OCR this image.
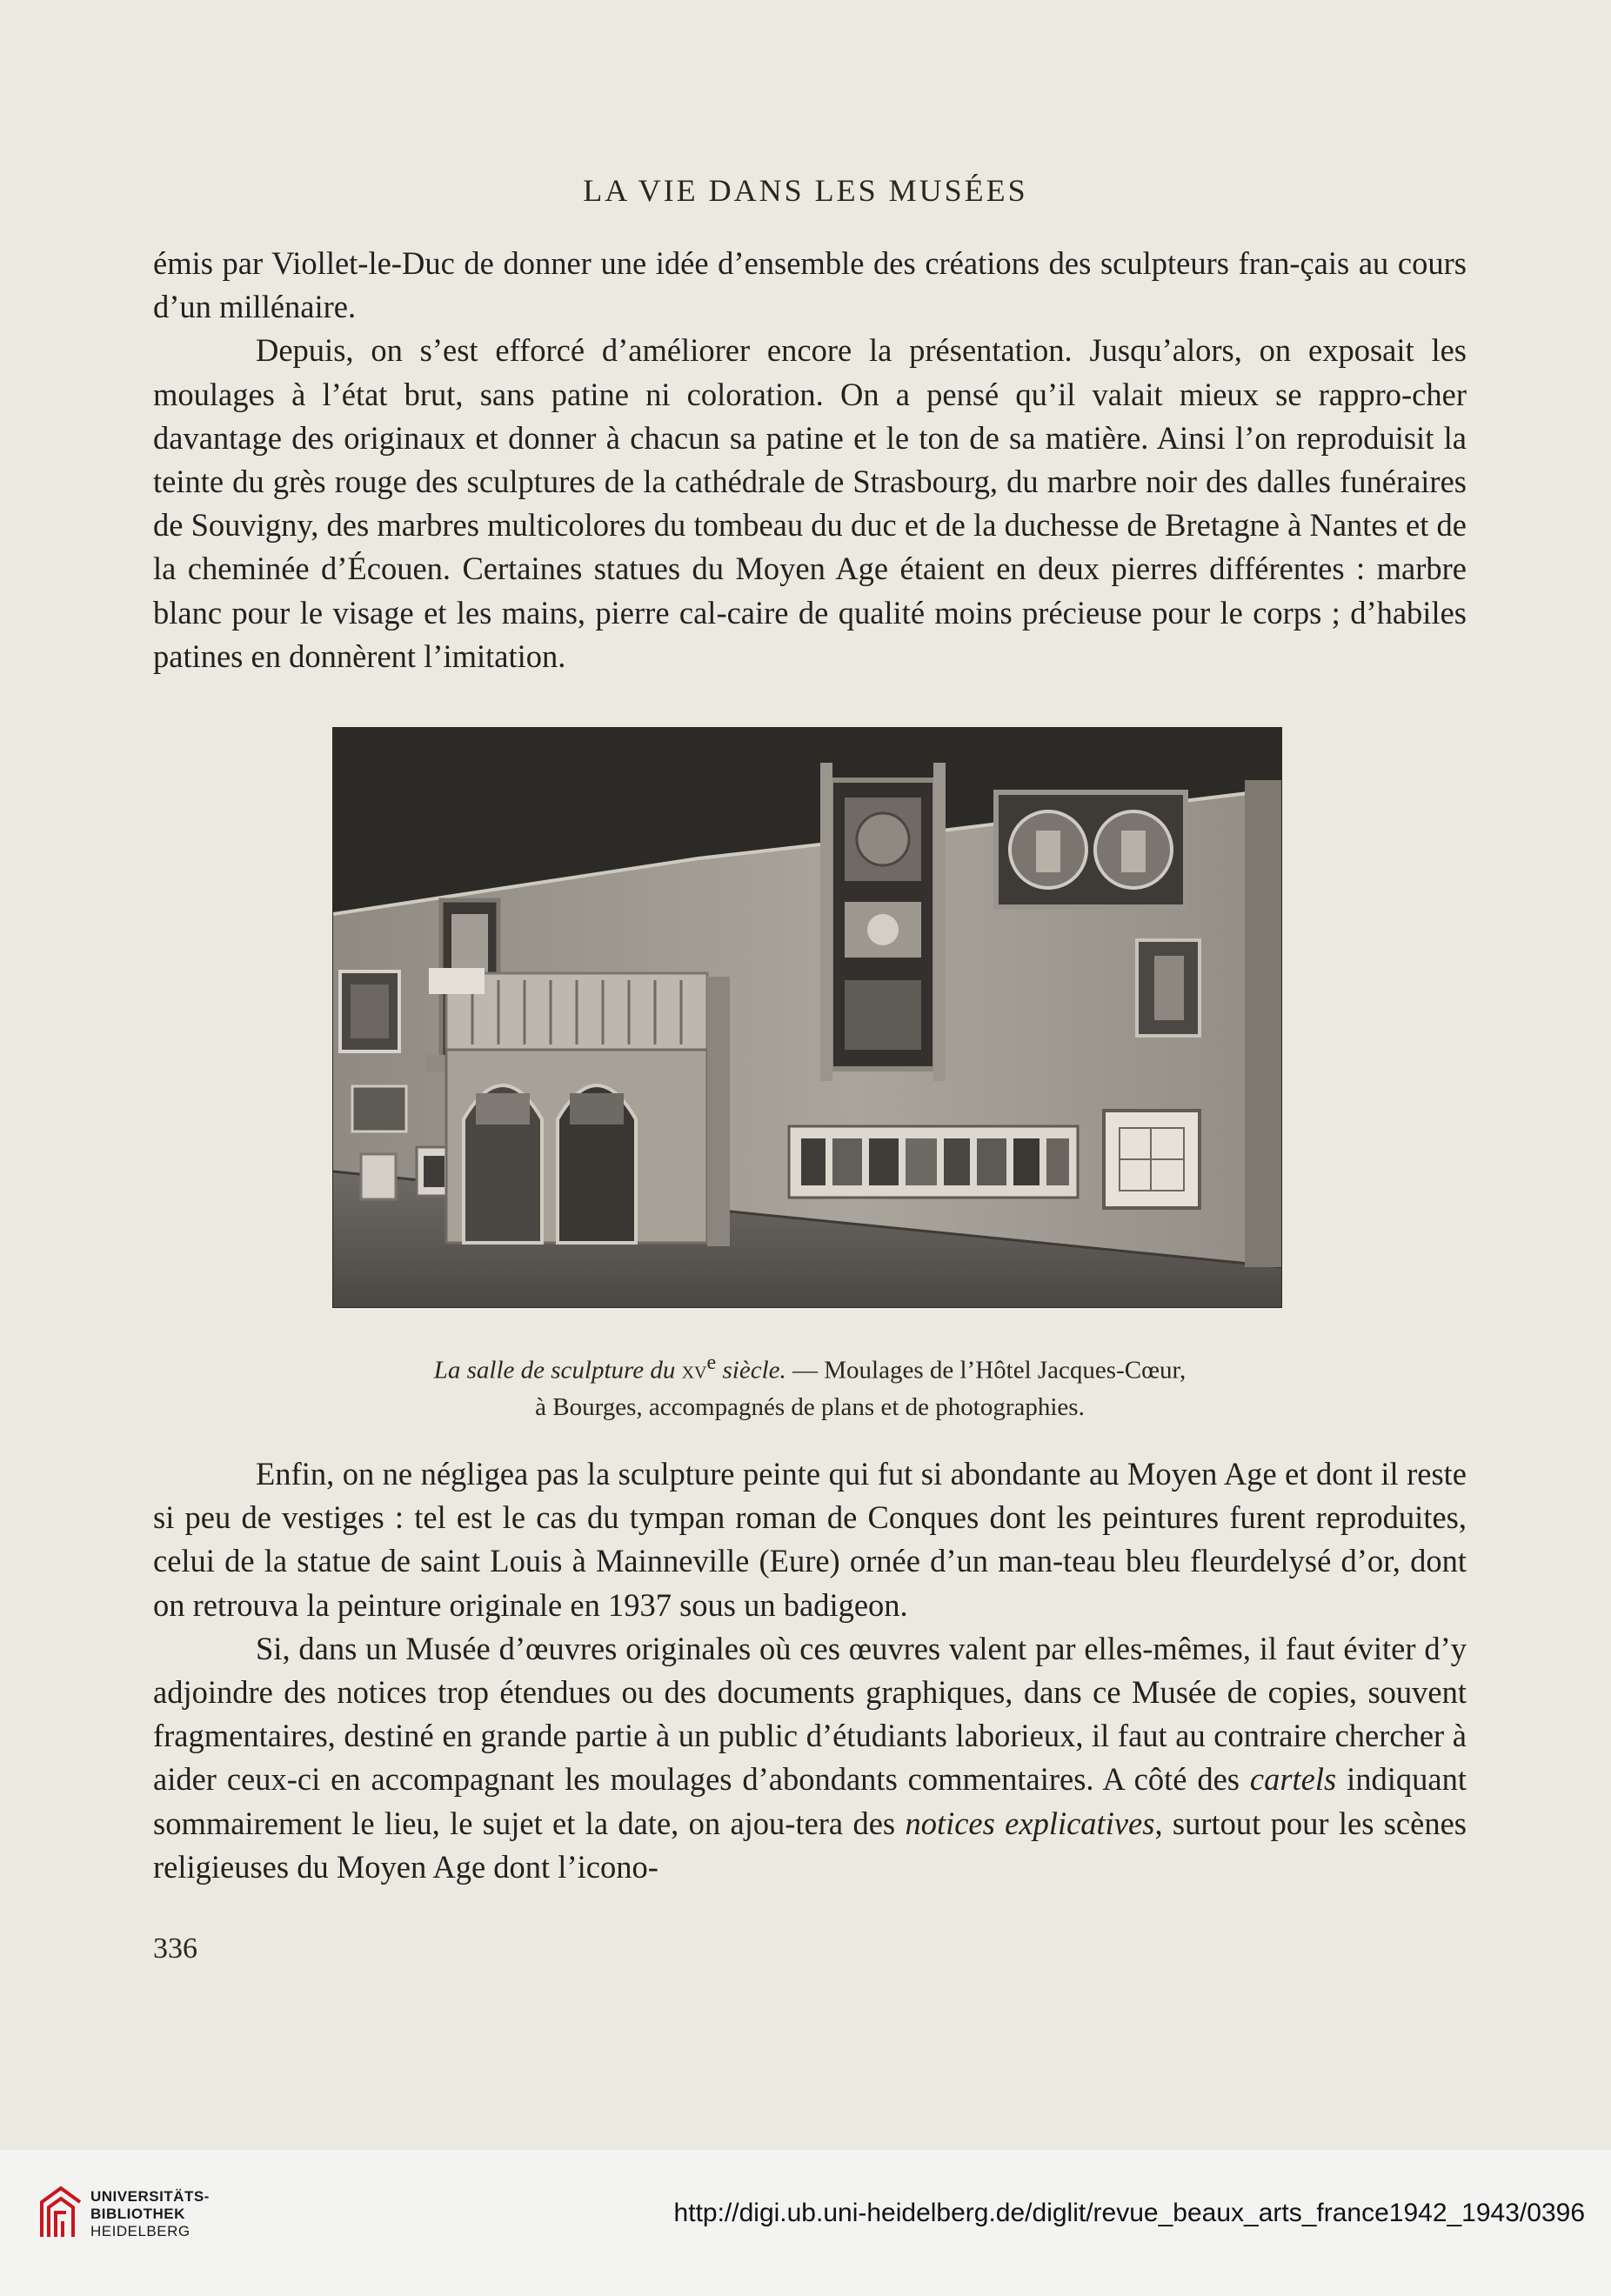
LA VIE DANS LES MUSÉES

émis par Viollet-le-Duc de donner une idée d’ensemble des créations des sculpteurs fran-çais au cours d’un millénaire.

Depuis, on s’est efforcé d’améliorer encore la présentation. Jusqu’alors, on exposait les moulages à l’état brut, sans patine ni coloration. On a pensé qu’il valait mieux se rappro-cher davantage des originaux et donner à chacun sa patine et le ton de sa matière. Ainsi l’on reproduisit la teinte du grès rouge des sculptures de la cathédrale de Strasbourg, du marbre noir des dalles funéraires de Souvigny, des marbres multicolores du tombeau du duc et de la duchesse de Bretagne à Nantes et de la cheminée d’Écouen. Certaines statues du Moyen Age étaient en deux pierres différentes : marbre blanc pour le visage et les mains, pierre cal-caire de qualité moins précieuse pour le corps ; d’habiles patines en donnèrent l’imitation.

La salle de sculpture du $xv^e$ siècle. — Moulages de l’Hôtel Jacques-Cœur,
à Bourges, accompagnés de plans et de photographies.

Enfin, on ne négligea pas la sculpture peinte qui fut si abondante au Moyen Age et dont il reste si peu de vestiges : tel est le cas du tympan roman de Conques dont les peintures furent reproduites, celui de la statue de saint Louis à Mainneville (Eure) ornée d’un man-teau bleu fleurdelysé d’or, dont on retrouva la peinture originale en 1937 sous un badigeon.

Si, dans un Musée d’œuvres originales où ces œuvres valent par elles-mêmes, il faut éviter d’y adjoindre des notices trop étendues ou des documents graphiques, dans ce Musée de copies, souvent fragmentaires, destiné en grande partie à un public d’étudiants laborieux, il faut au contraire chercher à aider ceux-ci en accompagnant les moulages d’abondants commentaires. A côté des cartels indiquant sommairement le lieu, le sujet et la date, on ajou-tera des notices explicatives, surtout pour les scènes religieuses du Moyen Age dont l’icono-

336
UNIVERSITÄTS-
BIBLIOTHEK
HEIDELBERG
http://digi.ub.uni-heidelberg.de/diglit/revue_beaux_arts_france1942_1943/0396
